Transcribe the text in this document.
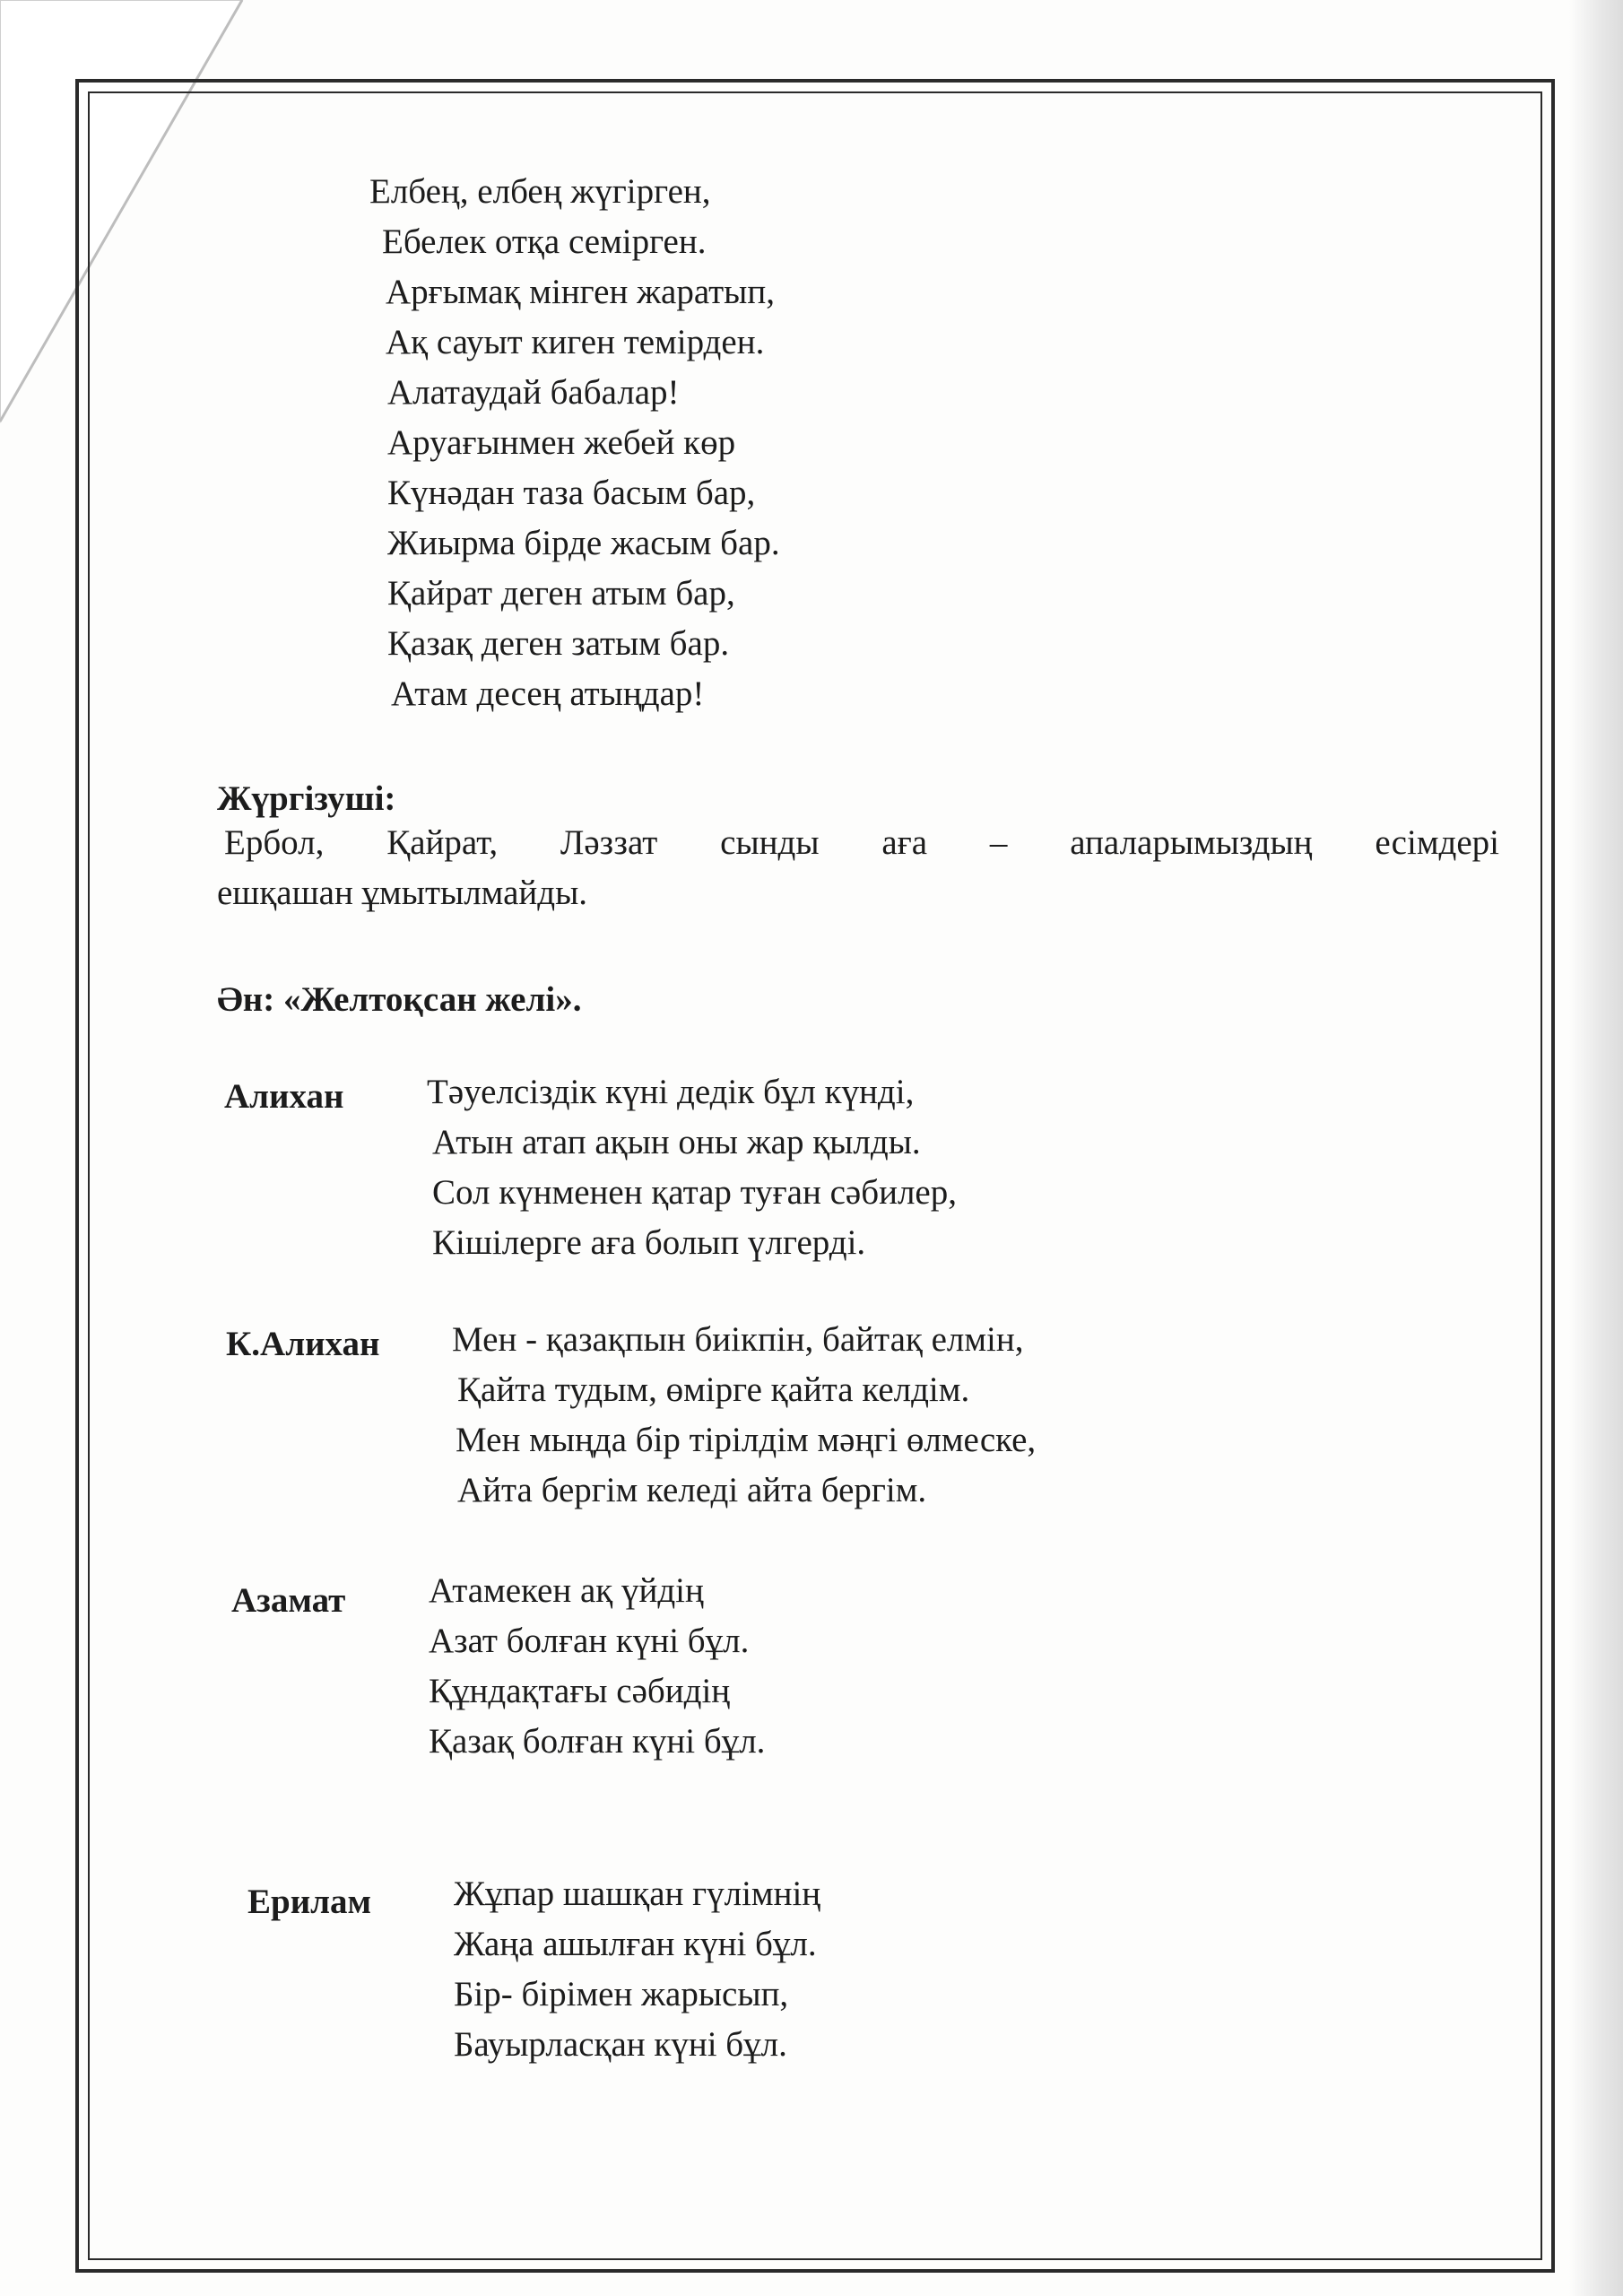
Елбең, елбең жүгірген,
Ебелек отқа семірген.
Арғымақ мінген жаратып,
Ақ сауыт киген темірден.
Алатаудай бабалар!
Аруағынмен жебей көр
Күнәдан таза басым бар,
Жиырма бірде жасым бар.
Қайрат деген атым бар,
Қазақ деген затым бар.
Атам десең атыңдар!
Жүргізуші:
Ербол, Қайрат, Ләззат сынды аға – апаларымыздың есімдері
ешқашан ұмытылмайды.
Ән: «Желтоқсан желі».
Алихан Тәуелсіздік күні дедік бұл күнді,
Атын атап ақын оны жар қылды.
Сол күнменен қатар туған сәбилер,
Кішілерге аға болып үлгерді.
К.Алихан Мен - қазақпын биікпін, байтақ елмін,
Қайта тудым, өмірге қайта келдім.
Мен мыңда бір тірілдім мәңгі өлмеске,
Айта бергім келеді айта бергім.
Азамат Атамекен ақ үйдің
Азат болған күні бұл.
Құндақтағы сәбидің
Қазақ болған күні бұл.
Ерилам Жұпар шашқан гүлімнің
Жаңа ашылған күні бұл.
Бір- бірімен жарысып,
Бауырласқан күні бұл.
